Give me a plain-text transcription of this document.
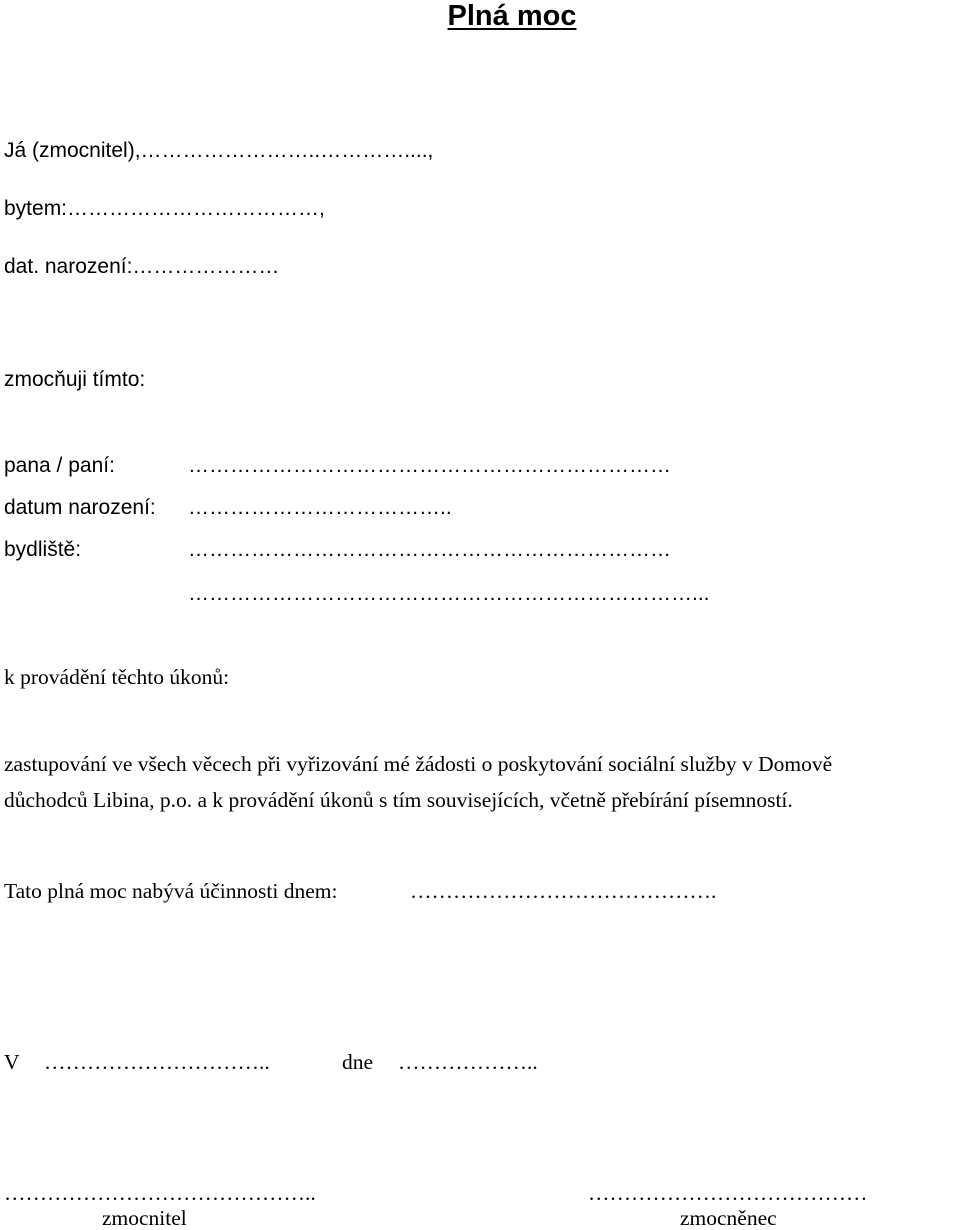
Plná moc
Já (zmocnitel),……………………..…………....,
bytem:………………………………,
dat. narození:…………………
zmocňuji tímto:
pana / paní:	……………………………………………………………
datum narození: ………………………………..
bydliště:	……………………………………………………………
………………………………………………………………...
k provádění těchto úkonů:
zastupování ve všech věcech při vyřizování mé žádosti o poskytování sociální služby v Domově
důchodců Libina, p.o. a k provádění úkonů s tím souvisejících, včetně přebírání písemností.
Tato plná moc nabývá účinnosti dnem:	…………………………………….
V …………………………..	dne ………………..
……………………………………..
zmocnitel
…………………………………
zmocněnec
